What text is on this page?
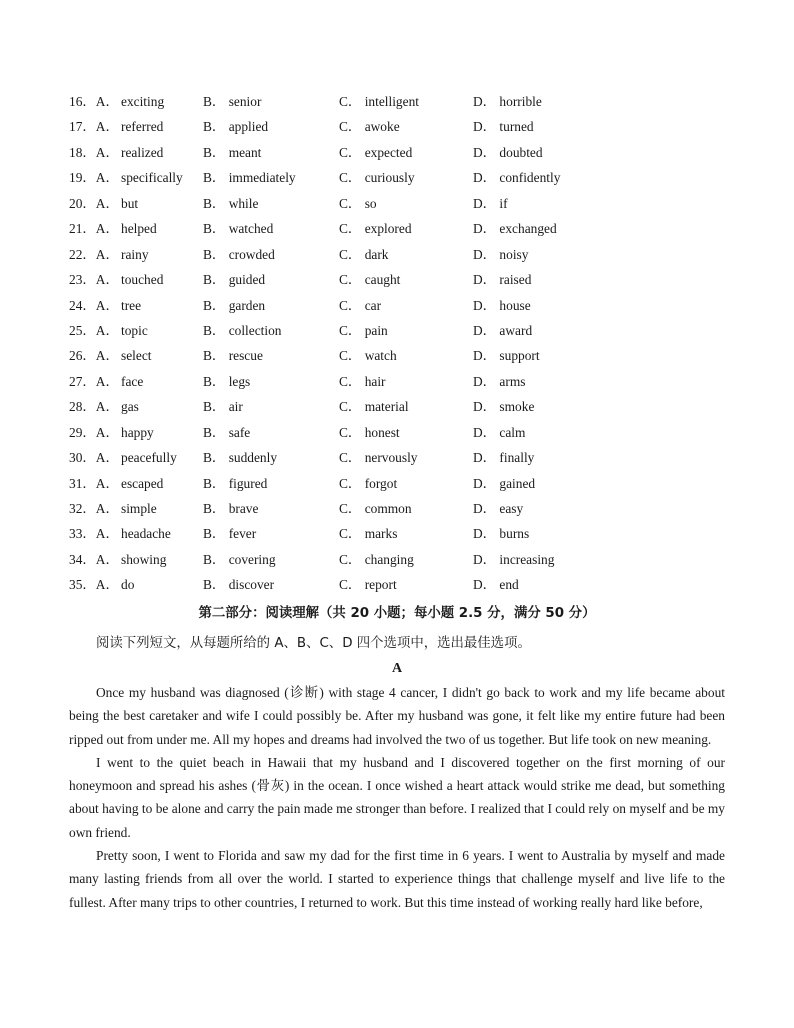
16．A． exciting	B． senior	C． intelligent	D． horrible
17．A． referred	B． applied	C． awoke	D． turned
18．A． realized	B． meant	C． expected	D． doubted
19．A． specifically B． immediately	C． curiously	D． confidently
20．A． but	B． while	C． so	D． if
21．A． helped	B． watched	C． explored	D． exchanged
22．A． rainy	B． crowded	C． dark	D． noisy
23．A． touched	B． guided	C． caught	D． raised
24．A． tree	B． garden	C． car	D． house
25．A． topic	B． collection	C． pain	D． award
26．A． select	B． rescue	C． watch	D． support
27．A． face	B． legs	C． hair	D． arms
28．A． gas	B． air	C． material	D． smoke
29．A． happy	B． safe	C． honest	D． calm
30．A． peacefully B． suddenly	C． nervously	D． finally
31．A． escaped	B． figured	C． forgot	D． gained
32．A． simple	B． brave	C． common	D． easy
33．A． headache B． fever	C． marks	D． burns
34．A． showing	B． covering	C． changing	D． increasing
35．A． do	B． discover	C． report	D． end
第二部分：阅读理解（共 20 小题；每小题 2.5 分，满分 50 分）
阅读下列短文，从每题所给的 A、B、C、D 四个选项中，选出最佳选项。
A

Once my husband was diagnosed (诊断) with stage 4 cancer, I didn't go back to work and my life became about being the best caretaker and wife I could possibly be. After my husband was gone, it felt like my entire future had been ripped out from under me. All my hopes and dreams had involved the two of us together. But life took on new meaning.

I went to the quiet beach in Hawaii that my husband and I discovered together on the first morning of our honeymoon and spread his ashes (骨灰) in the ocean. I once wished a heart attack would strike me dead, but something about having to be alone and carry the pain made me stronger than before. I realized that I could rely on myself and be my own friend.

Pretty soon, I went to Florida and saw my dad for the first time in 6 years. I went to Australia by myself and made many lasting friends from all over the world. I started to experience things that challenge myself and live life to the fullest. After many trips to other countries, I returned to work. But this time instead of working really hard like before,
